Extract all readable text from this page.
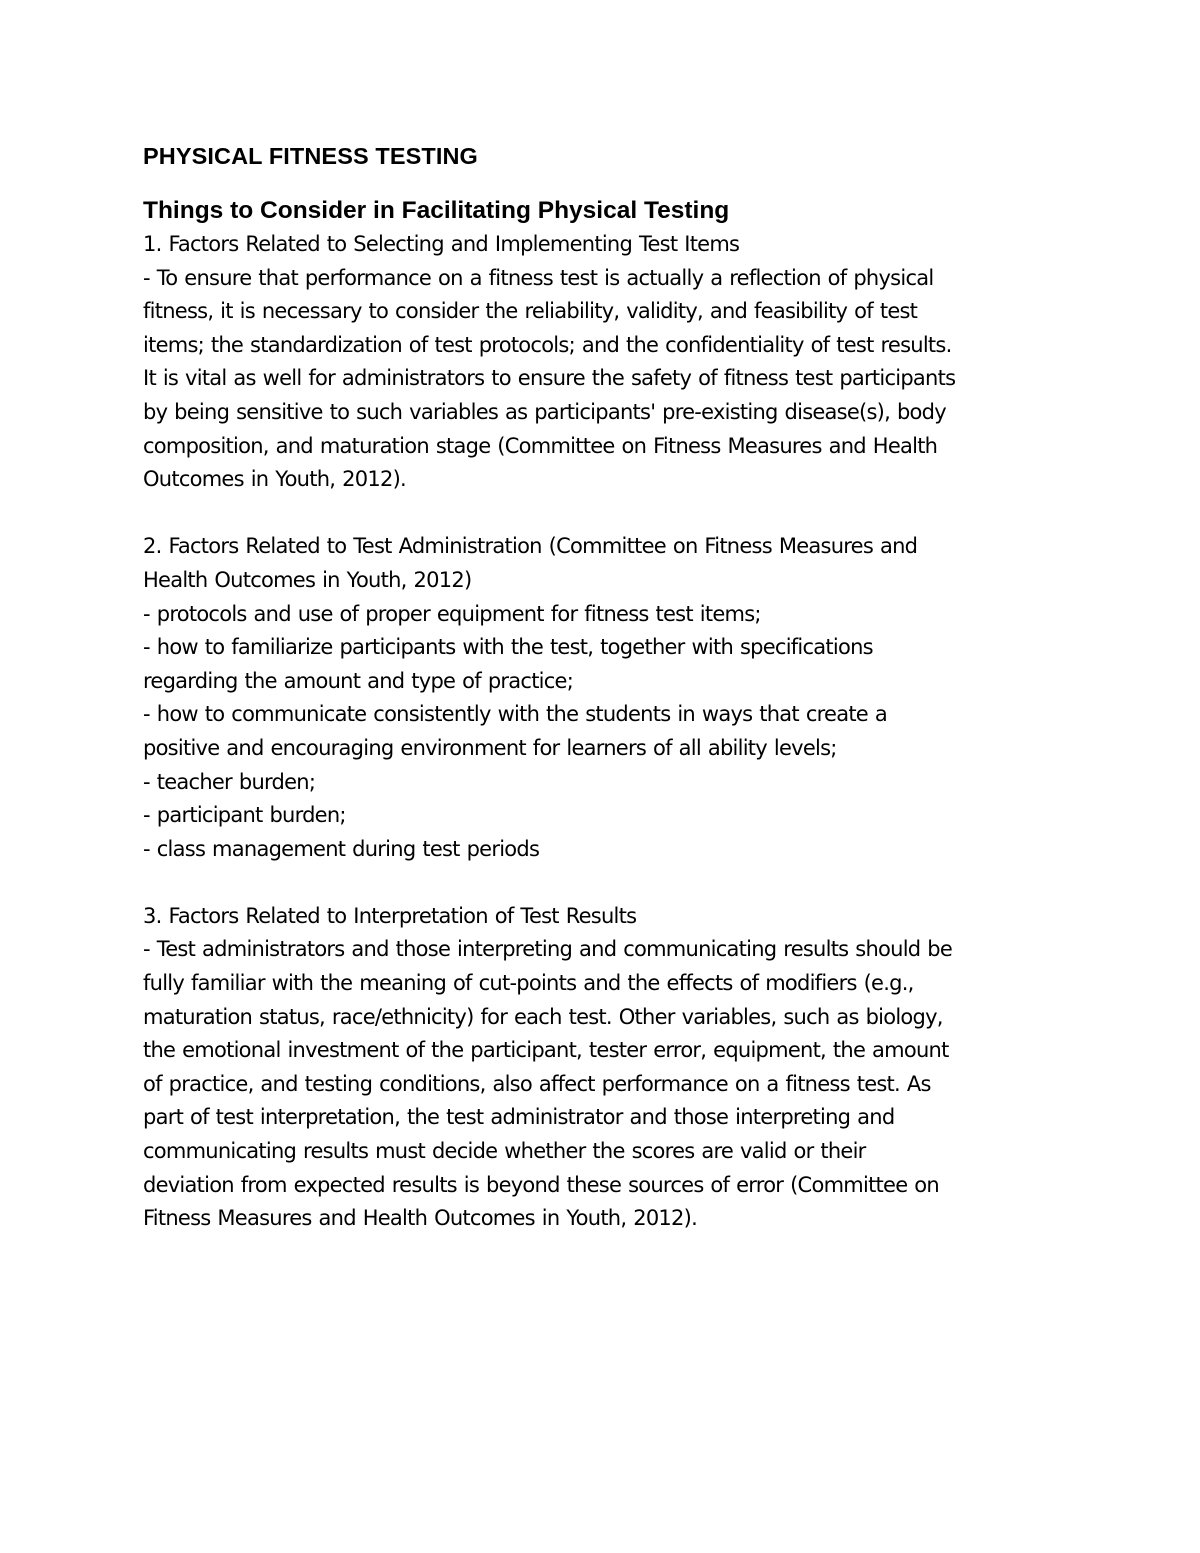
PHYSICAL FITNESS TESTING
Things to Consider in Facilitating Physical Testing

1. Factors Related to Selecting and Implementing Test Items

- To ensure that performance on a fitness test is actually a reflection of physical

fitness, it is necessary to consider the reliability, validity, and feasibility of test

items; the standardization of test protocols; and the confidentiality of test results.

It is vital as well for administrators to ensure the safety of fitness test participants

by being sensitive to such variables as participants' pre-existing disease(s), body

composition, and maturation stage (Committee on Fitness Measures and Health

Outcomes in Youth, 2012).

2. Factors Related to Test Administration (Committee on Fitness Measures and

Health Outcomes in Youth, 2012)

- protocols and use of proper equipment for fitness test items;

- how to familiarize participants with the test, together with specifications

regarding the amount and type of practice;

- how to communicate consistently with the students in ways that create a

positive and encouraging environment for learners of all ability levels;

- teacher burden;

- participant burden;

- class management during test periods

3. Factors Related to Interpretation of Test Results

- Test administrators and those interpreting and communicating results should be

fully familiar with the meaning of cut-points and the effects of modifiers (e.g.,

maturation status, race/ethnicity) for each test. Other variables, such as biology,

the emotional investment of the participant, tester error, equipment, the amount

of practice, and testing conditions, also affect performance on a fitness test. As

part of test interpretation, the test administrator and those interpreting and

communicating results must decide whether the scores are valid or their

deviation from expected results is beyond these sources of error (Committee on

Fitness Measures and Health Outcomes in Youth, 2012).
